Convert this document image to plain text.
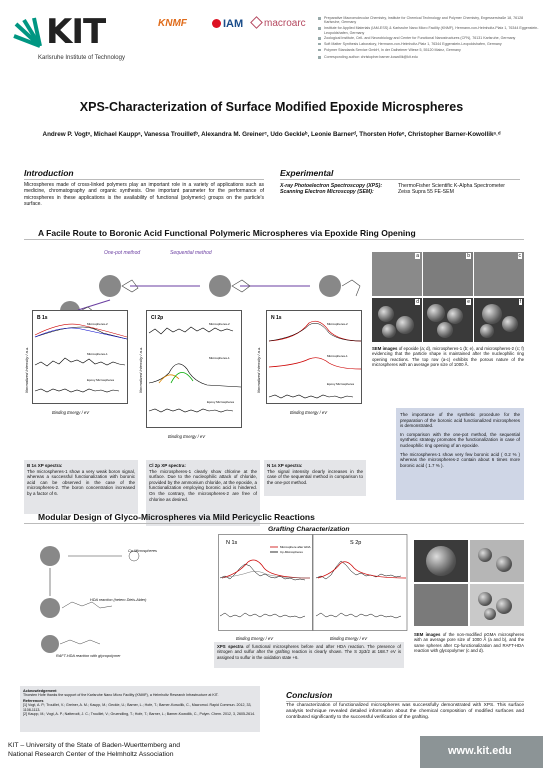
KIT
Karlsruhe Institute of Technology
KNMF	IAM	macroarc	Preparative Macromolecular Chemistry, Institute for Chemical Technology and Polymer Chemistry, Engesserstraße 18, 76128 Karlsruhe, Germany
Institute for Applied Materials (IAM-ESS) & Karlsruhe Nano Micro Facility (KNMF), Hermann-von-Helmholtz-Platz 1, 76344 Eggenstein-Leopoldshafen, Germany
Zoological Institute, Cell- and Neurobiology and Center for Functional Nanostructures (CFN), 76131 Karlsruhe, Germany
Soft Matter Synthesis Laboratory, Hermann-von-Helmholtz-Platz 1, 76344 Eggenstein-Leopoldshafen, Germany
Polymer Standards Service GmbH, In der Dalheimer Wiese 5, 55120 Mainz, Germany
Corresponding author: christopher.barner-kowollik@kit.edu
XPS-Characterization of Surface Modified Epoxide Microspheres
Andrew P. Vogtᵃ, Michael Kauppᵃ, Vanessa Trouilletᵇ, Alexandra M. Greinerᶜ, Udo Geckleᵇ, Leonie Barnerᵈ, Thorsten Hofeᵉ, Christopher Barner-Kowollikᵃ˒ᵈ
Introduction
Microspheres made of cross-linked polymers play an important role in a variety of applications such as medicine, chromatography and organic synthesis. One important parameter for the performance of microspheres in these applications is the availability of functional (polymeric) groups on the particle's surface.
Experimental
X-ray Photoelectron Spectroscopy (XPS):	ThermoFisher Scientific K-Alpha Spectrometer
Scanning Electron Microscopy (SEM):	Zeiss Supra 55 FE-SEM
A Facile Route to Boronic Acid Functional Polymeric Microspheres via Epoxide Ring Opening
One-pot method	Sequential method	a	b	c
d	e	f
SEM images of epoxide (a; d), microspheres-1 (b; e), and microspheres-2 (c; f) evidencing that the particle shape is maintained after the nucleophilic ring opening reactions. The top row (a-c) exhibits the porous nature of the microspheres with an average pore size of 1000 Å.
Normalized Intensity / a.u.
B 1s
Microspheres-2
Microspheres-1
Epoxy Microspheres
Binding Energy / eV
Normalized Intensity / a.u.
Cl 2p
Microspheres-2
Microspheres-1
Epoxy Microspheres
Binding Energy / eV
Normalized Intensity / a.u.
N 1s
Microspheres-2
Microspheres-1
Epoxy Microspheres
Binding Energy / eV
B 1s XP spectra:
The microspheres-1 show a very weak boron signal, whereas a successful functionalization with boronic acid can be observed in the case of the microspheres-2. The boron concentration increased by a factor of 6.
Cl 2p XP spectra:
The microspheres-1 clearly show chlorine at the surface. Due to the nucleophilic attack of chloride, provided by the ammonium chloride, at the epoxide, a functionalization employing boronic acid is hindered. On the contrary, the microspheres-2 are free of chlorine as desired.
N 1s XP spectra:
The signal intensity clearly increases in the case of the sequential method in comparison to the one-pot method.
The importance of the synthetic procedure for the preparation of the boronic acid functionalized microspheres is demonstrated.
In comparison with the one-pot method, the sequential synthetic strategy promotes the functionalization in case of nucleophilic ring opening of an epoxide.
The microspheres-1 show very few boronic acid ( 0.2 % ) whereas the microspheres-2 contain about 6 times more boronic acid ( 1.7 % ).
Modular Design of Glyco-Microspheres via Mild Pericyclic Reactions
Grafting Characterization
Cp-Microspheres
HDA reaction (hetero Diels-Alder)
RAFT-HDA reaction with glycopolymer
N 1s	S 2p
Microsphere after HDA
Cp-Microspheres
Binding Energy / eV	Binding Energy / eV
XPS spectra of functional microspheres before and after HDA reaction. The presence of nitrogen and sulfur after the grafting reaction is clearly shown. The S 2p3/2 at 168.7 eV is assigned to sulfur in the oxidation state +6.
SEM images of the non-modified pGMA microspheres with an average pore size of 1000 Å (a and b), and the same spheres after Cp-functionalization and RAFT-HDA reaction with glycopolymer (c and d).
Acknowledgement
Thorsten Hofe thanks the support of the Karlsruhe Nano Micro Facility (KNMF), a Helmholtz Research Infrastructure at KIT.
References
[1] Vogt, A. P.; Trouillet, V.; Greiner, A. M.; Kaupp, M.; Geckle, U.; Barner, L.; Hofe, T.; Barner-Kowollik, C., Macromol. Rapid Commun. 2012, 33, 1108-1113.
[2] Kaupp, M.; Vogt, A. P.; Natterodt, J. C.; Trouillet, V.; Gruendling, T.; Hofe, T.; Barner, L.; Barner-Kowollik, C., Polym. Chem. 2012, 3, 2605-2614.
Conclusion
The characterization of functionalized microspheres was successfully demonstrated with XPS. This surface analysis technique revealed detailed information about the chemical composition of modified surfaces and contributed significantly to the successful verification of the grafting.
KIT – University of the State of Baden-Wuerttemberg and
National Research Center of the Helmholtz Association	www.kit.edu
